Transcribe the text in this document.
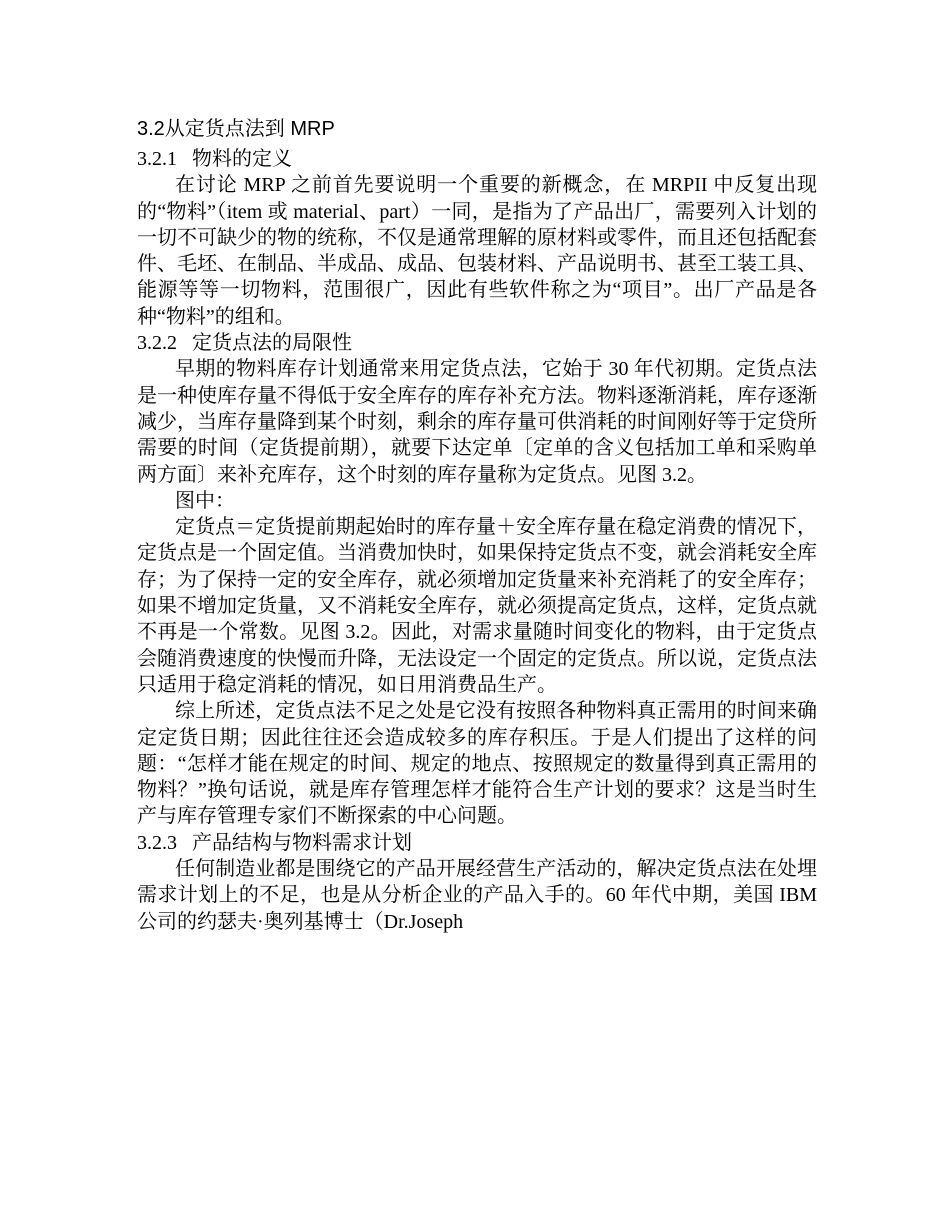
3.2从定货点法到 MRP
3.2.1   物料的定义

在讨论 MRP 之前首先要说明一个重要的新概念，在 MRPII 中反复出现的“物料”（item 或 material、part）一同，是指为了产品出厂，需要列入计划的一切不可缺少的物的统称，不仅是通常理解的原材料或零件，而且还包括配套件、毛坯、在制品、半成品、成品、包装材料、产品说明书、甚至工装工具、能源等等一切物料，范围很广，因此有些软件称之为“项目”。出厂产品是各种“物料”的组和。

3.2.2   定货点法的局限性

早期的物料库存计划通常来用定货点法，它始于 30 年代初期。定货点法是一种使库存量不得低于安全库存的库存补充方法。物料逐渐消耗，库存逐渐减少，当库存量降到某个时刻，剩余的库存量可供消耗的时间刚好等于定贷所需要的时间（定货提前期），就要下达定单〔定单的含义包括加工单和采购单两方面〕来补充库存，这个时刻的库存量称为定货点。见图 3.2。

图中：

定货点＝定货提前期起始时的库存量＋安全库存量在稳定消费的情况下，定货点是一个固定值。当消费加快时，如果保持定货点不变，就会消耗安全库存；为了保持一定的安全库存，就必须增加定货量来补充消耗了的安全库存；如果不增加定货量，又不消耗安全库存，就必须提高定货点，这样，定货点就不再是一个常数。见图 3.2。因此，对需求量随时间变化的物料，由于定货点会随消费速度的快慢而升降，无法设定一个固定的定货点。所以说，定货点法只适用于稳定消耗的情况，如日用消费品生产。

综上所述，定货点法不足之处是它没有按照各种物料真正需用的时间来确定定货日期；因此往往还会造成较多的库存积压。于是人们提出了这样的问题：“怎样才能在规定的时间、规定的地点、按照规定的数量得到真正需用的物料？”换句话说，就是库存管理怎样才能符合生产计划的要求？这是当时生产与库存管理专家们不断探索的中心问题。

3.2.3   产品结构与物料需求计划

任何制造业都是围绕它的产品开展经营生产活动的，解决定货点法在处埋需求计划上的不足，也是从分析企业的产品入手的。60 年代中期，美国 IBM 公司的约瑟夫·奥列基博士（Dr.Joseph
